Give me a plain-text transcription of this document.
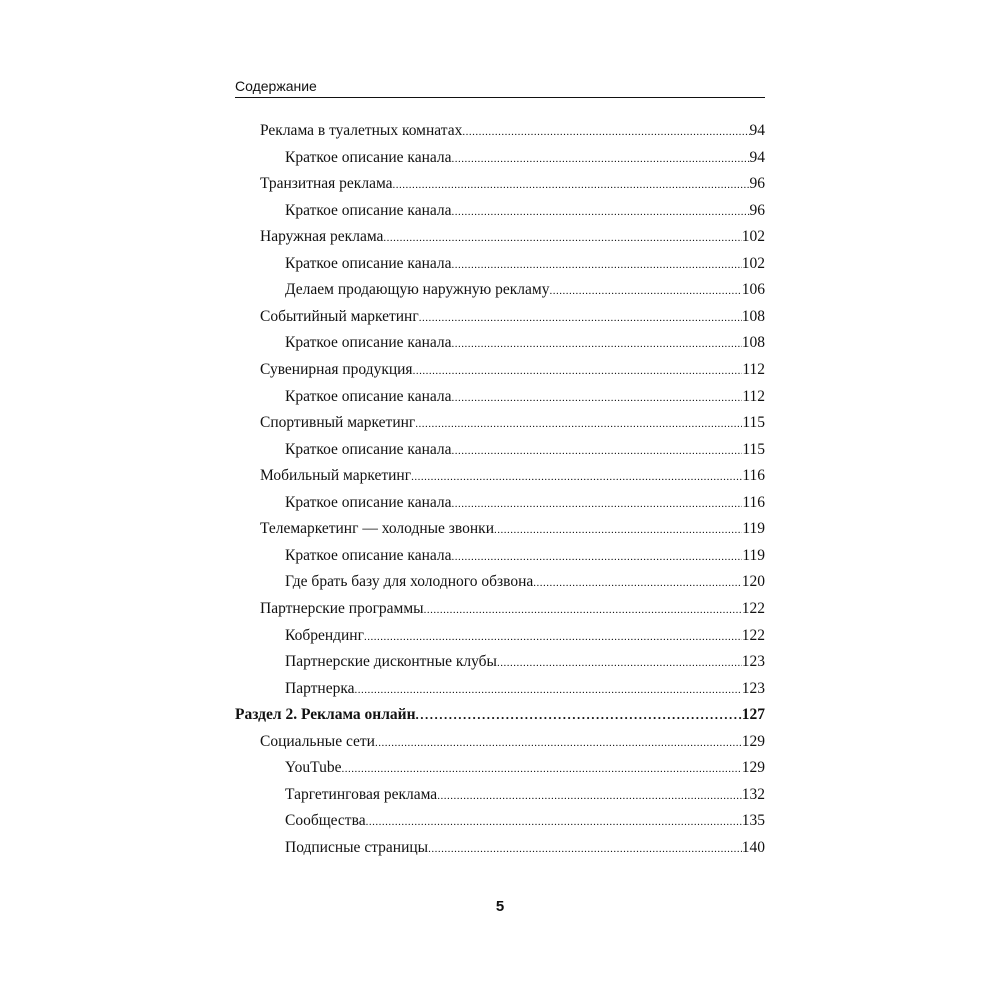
Содержание
Реклама в туалетных комнатах .....	94
Краткое описание канала .....	94
Транзитная реклама .....	96
Краткое описание канала .....	96
Наружная реклама .....	102
Краткое описание канала .....	102
Делаем продающую наружную рекламу .....	106
Событийный маркетинг .....	108
Краткое описание канала .....	108
Сувенирная продукция .....	112
Краткое описание канала .....	112
Спортивный маркетинг .....	115
Краткое описание канала .....	115
Мобильный маркетинг .....	116
Краткое описание канала .....	116
Телемаркетинг — холодные звонки .....	119
Краткое описание канала .....	119
Где брать базу для холодного обзвона .....	120
Партнерские программы .....	122
Кобрендинг .....	122
Партнерские дисконтные клубы .....	123
Партнерка .....	123
Раздел 2. Реклама онлайн .....	127
Социальные сети .....	129
YouTube .....	129
Таргетинговая реклама .....	132
Сообщества .....	135
Подписные страницы .....	140
5
